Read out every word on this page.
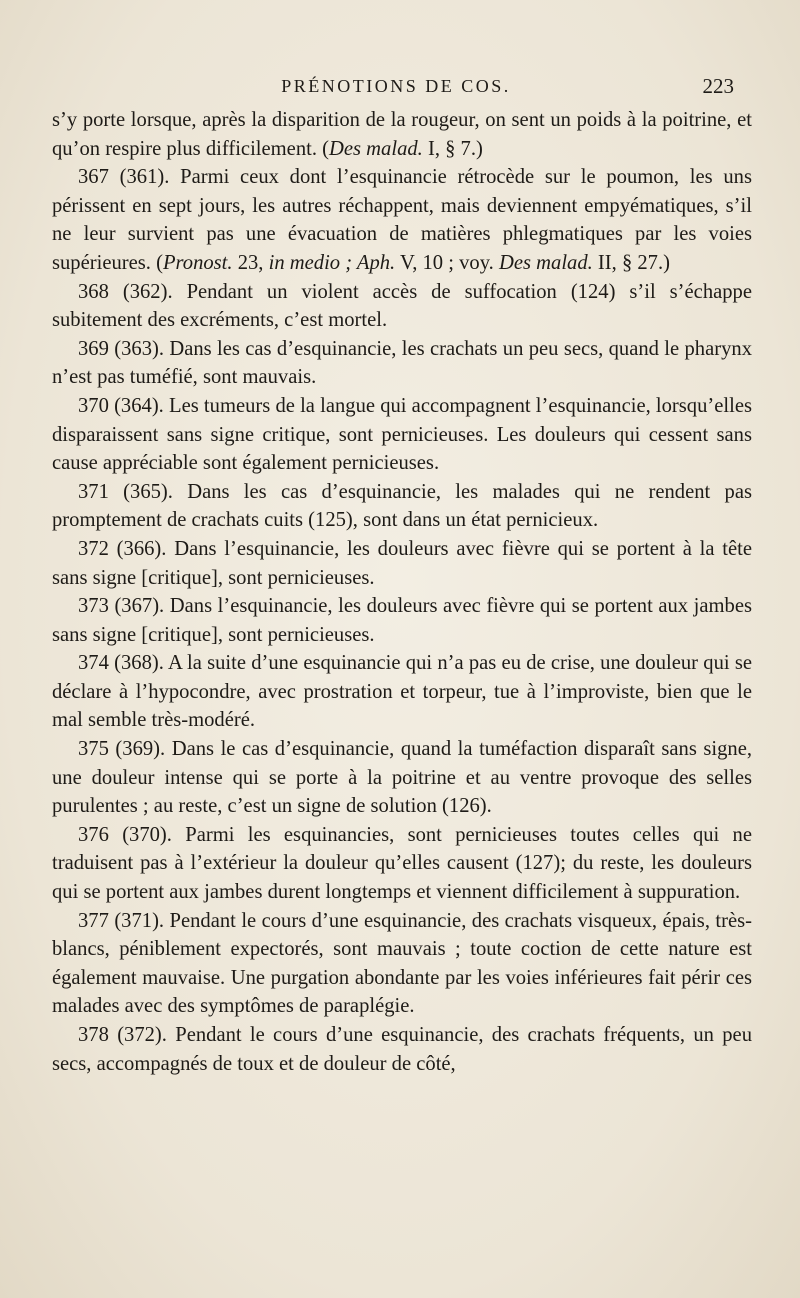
PRÉNOTIONS DE COS.	223

s’y porte lorsque, après la disparition de la rougeur, on sent un poids à la poitrine, et qu’on respire plus difficilement. (Des malad. I, § 7.)

367 (361). Parmi ceux dont l’esquinancie rétrocède sur le poumon, les uns périssent en sept jours, les autres réchappent, mais deviennent empyématiques, s’il ne leur survient pas une évacuation de matières phlegmatiques par les voies supérieures. (Pronost. 23, in medio ; Aph. V, 10 ; voy. Des malad. II, § 27.)

368 (362). Pendant un violent accès de suffocation (124) s’il s’échappe subitement des excréments, c’est mortel.

369 (363). Dans les cas d’esquinancie, les crachats un peu secs, quand le pharynx n’est pas tuméfié, sont mauvais.

370 (364). Les tumeurs de la langue qui accompagnent l’esquinancie, lorsqu’elles disparaissent sans signe critique, sont pernicieuses. Les douleurs qui cessent sans cause appréciable sont également pernicieuses.

371 (365). Dans les cas d’esquinancie, les malades qui ne rendent pas promptement de crachats cuits (125), sont dans un état pernicieux.

372 (366). Dans l’esquinancie, les douleurs avec fièvre qui se portent à la tête sans signe [critique], sont pernicieuses.

373 (367). Dans l’esquinancie, les douleurs avec fièvre qui se portent aux jambes sans signe [critique], sont pernicieuses.

374 (368). A la suite d’une esquinancie qui n’a pas eu de crise, une douleur qui se déclare à l’hypocondre, avec prostration et torpeur, tue à l’improviste, bien que le mal semble très-modéré.

375 (369). Dans le cas d’esquinancie, quand la tuméfaction disparaît sans signe, une douleur intense qui se porte à la poitrine et au ventre provoque des selles purulentes ; au reste, c’est un signe de solution (126).

376 (370). Parmi les esquinancies, sont pernicieuses toutes celles qui ne traduisent pas à l’extérieur la douleur qu’elles causent (127); du reste, les douleurs qui se portent aux jambes durent longtemps et viennent difficilement à suppuration.

377 (371). Pendant le cours d’une esquinancie, des crachats visqueux, épais, très-blancs, péniblement expectorés, sont mauvais ; toute coction de cette nature est également mauvaise. Une purgation abondante par les voies inférieures fait périr ces malades avec des symptômes de paraplégie.

378 (372). Pendant le cours d’une esquinancie, des crachats fréquents, un peu secs, accompagnés de toux et de douleur de côté,
